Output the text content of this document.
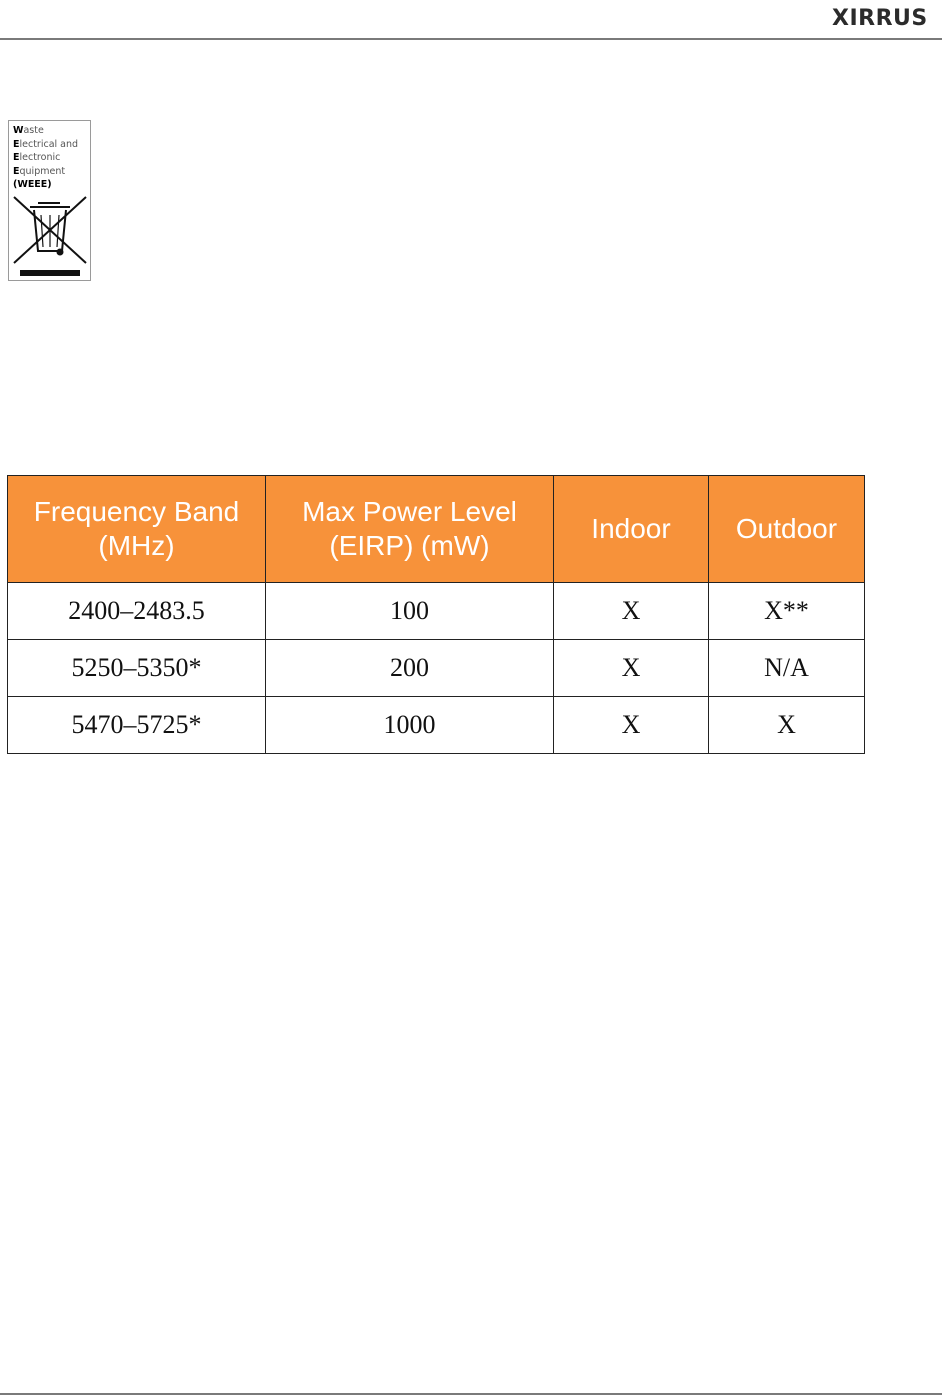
XIRRUS
Waste
Electrical and
Electronic
Equipment
(WEEE)
Frequency Band (MHz)	Max Power Level (EIRP) (mW)	Indoor	Outdoor
2400–2483.5	100	X	X**
5250–5350*	200	X	N/A
5470–5725*	1000	X	X
